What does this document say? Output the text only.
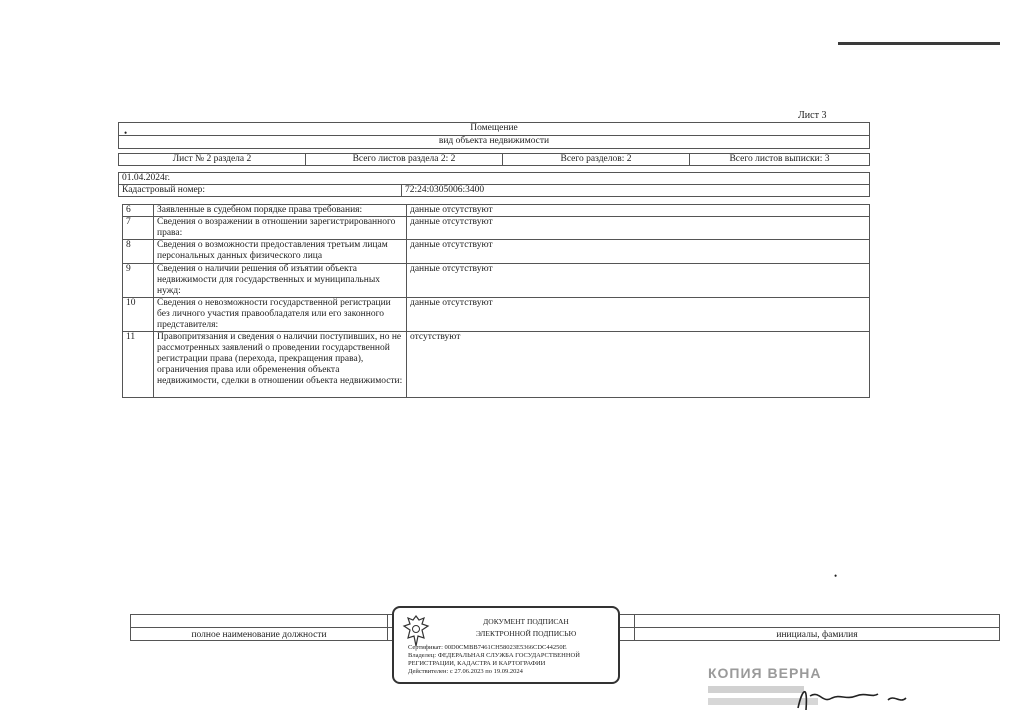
•
Лист 3
Помещение
вид объекта недвижимости
Лист № 2 раздела 2	Всего листов раздела 2: 2	Всего разделов: 2	Всего листов выписки: 3
01.04.2024г.
Кадастровый номер:	72:24:0305006:3400
6	Заявленные в судебном порядке права требования:	данные отсутствуют
7	Сведения о возражении в отношении зарегистрированного права:	данные отсутствуют
8	Сведения о возможности предоставления третьим лицам персональных данных физического лица	данные отсутствуют
9	Сведения о наличии решения об изъятии объекта недвижимости для государственных и муниципальных нужд:	данные отсутствуют
10	Сведения о невозможности государственной регистрации без личного участия правообладателя или его законного представителя:	данные отсутствуют
11	Правопритязания и сведения о наличии поступивших, но не рассмотренных заявлений о проведении государственной регистрации права (перехода, прекращения права), ограничения права или обременения объекта недвижимости, сделки в отношении объекта недвижимости:	отсутствуют
•

полное наименование должности		инициалы, фамилия
ДОКУМЕНТ ПОДПИСАН
ЭЛЕКТРОННОЙ ПОДПИСЬЮ
Сертификат: 00D0CMBB7461CH58023E5366CDC44250E
Владелец: ФЕДЕРАЛЬНАЯ СЛУЖБА ГОСУДАРСТВЕННОЙ
РЕГИСТРАЦИИ, КАДАСТРА И КАРТОГРАФИИ
Действителен: с 27.06.2023 по 19.09.2024	КОПИЯ ВЕРНА
